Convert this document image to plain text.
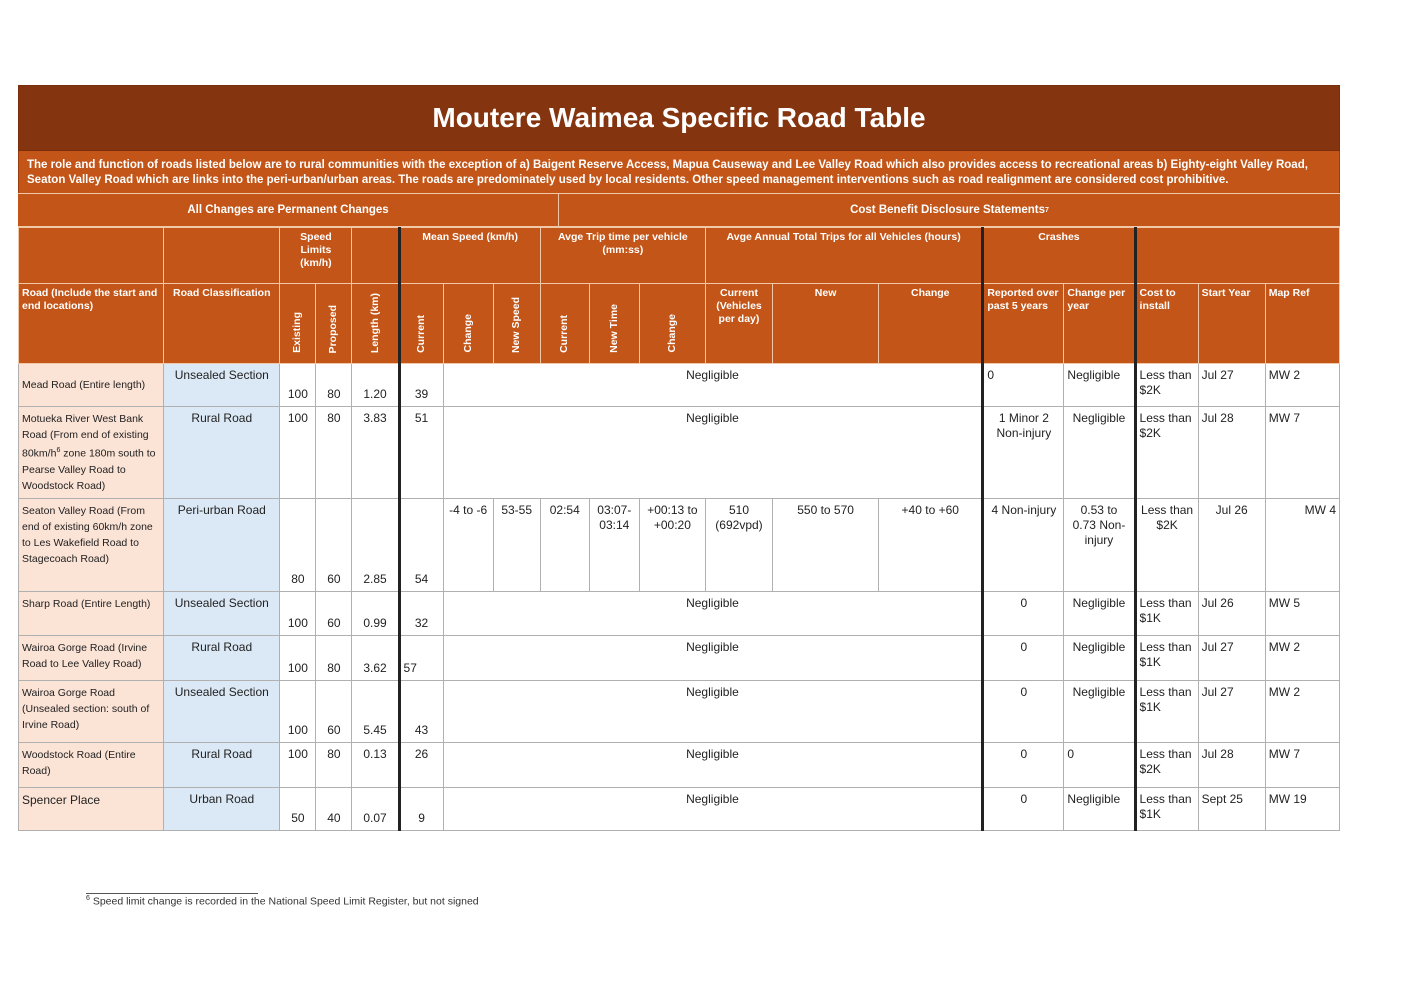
Moutere Waimea Specific Road Table
The role and function of roads listed below are to rural communities with the exception of a) Baigent Reserve Access, Mapua Causeway and Lee Valley Road which also provides access to recreational areas b) Eighty-eight Valley Road, Seaton Valley Road which are links into the peri-urban/urban areas. The roads are predominately used by local residents. Other speed management interventions such as road realignment are considered cost prohibitive.
All Changes are Permanent Changes	Cost Benefit Disclosure Statements 7
		Speed Limits (km/h)			Mean Speed (km/h)			Avge Trip time per vehicle (mm:ss)			Avge Annual Total Trips for all Vehicles (hours)			Crashes				
Road (Include the start and end locations)	Road Classification	Existing	Proposed	Length (km)	Current	Change	New Speed	Current	New Time	Change	Current (Vehicles per day)	New	Change	Reported over past 5 years	Change per year	Cost to install	Start Year	Map Ref
Mead Road (Entire length)	Unsealed Section	100	80	1.20	39	Negligible								0	Negligible	Less than $2K	Jul 27	MW 2
Motueka River West Bank Road (From end of existing $80km/h^6$ zone 180m south to Pearse Valley Road to Woodstock Road)	Rural Road	100	80	3.83	51	Negligible								1 Minor 2 Non-injury	Negligible	Less than $2K	Jul 28	MW 7
Seaton Valley Road (From end of existing 60km/h zone to Les Wakefield Road to Stagecoach Road)	Peri-urban Road	80	60	2.85	54	-4 to -6	53-55	02:54	03:07-03:14	+00:13 to +00:20	510 (692vpd)	550 to 570	+40 to +60	4 Non-injury	0.53 to 0.73 Non-injury	Less than $2K	Jul 26	MW 4
Sharp Road (Entire Length)	Unsealed Section	100	60	0.99	32	Negligible								0	Negligible	Less than $1K	Jul 26	MW 5
Wairoa Gorge Road (Irvine Road to Lee Valley Road)	Rural Road	100	80	3.62	57	Negligible								0	Negligible	Less than $1K	Jul 27	MW 2
Wairoa Gorge Road (Unsealed section: south of Irvine Road)	Unsealed Section	100	60	5.45	43	Negligible								0	Negligible	Less than $1K	Jul 27	MW 2
Woodstock Road (Entire Road)	Rural Road	100	80	0.13	26	Negligible								0	0	Less than $2K	Jul 28	MW 7
Spencer Place	Urban Road	50	40	0.07	9	Negligible								0	Negligible	Less than $1K	Sept 25	MW 19
$^6$ Speed limit change is recorded in the National Speed Limit Register, but not signed
